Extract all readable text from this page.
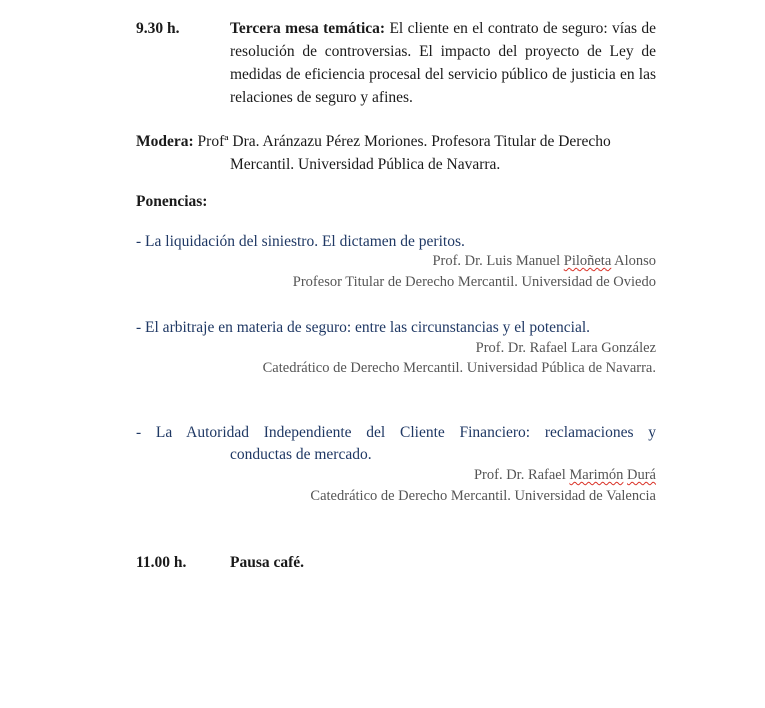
9.30 h.	Tercera mesa temática: El cliente en el contrato de seguro: vías de resolución de controversias. El impacto del proyecto de Ley de medidas de eficiencia procesal del servicio público de justicia en las relaciones de seguro y afines.
Modera: Profª Dra. Aránzazu Pérez Moriones. Profesora Titular de Derecho
Mercantil. Universidad Pública de Navarra.
Ponencias:
- La liquidación del siniestro. El dictamen de peritos.
Prof. Dr. Luis Manuel Piloñeta Alonso
Profesor Titular de Derecho Mercantil. Universidad de Oviedo
- El arbitraje en materia de seguro: entre las circunstancias y el potencial.
Prof. Dr. Rafael Lara González
Catedrático de Derecho Mercantil. Universidad Pública de Navarra.
- La Autoridad Independiente del Cliente Financiero: reclamaciones y
conductas de mercado.
Prof. Dr. Rafael Marimón Durá
Catedrático de Derecho Mercantil. Universidad de Valencia
11.00 h.	Pausa café.
